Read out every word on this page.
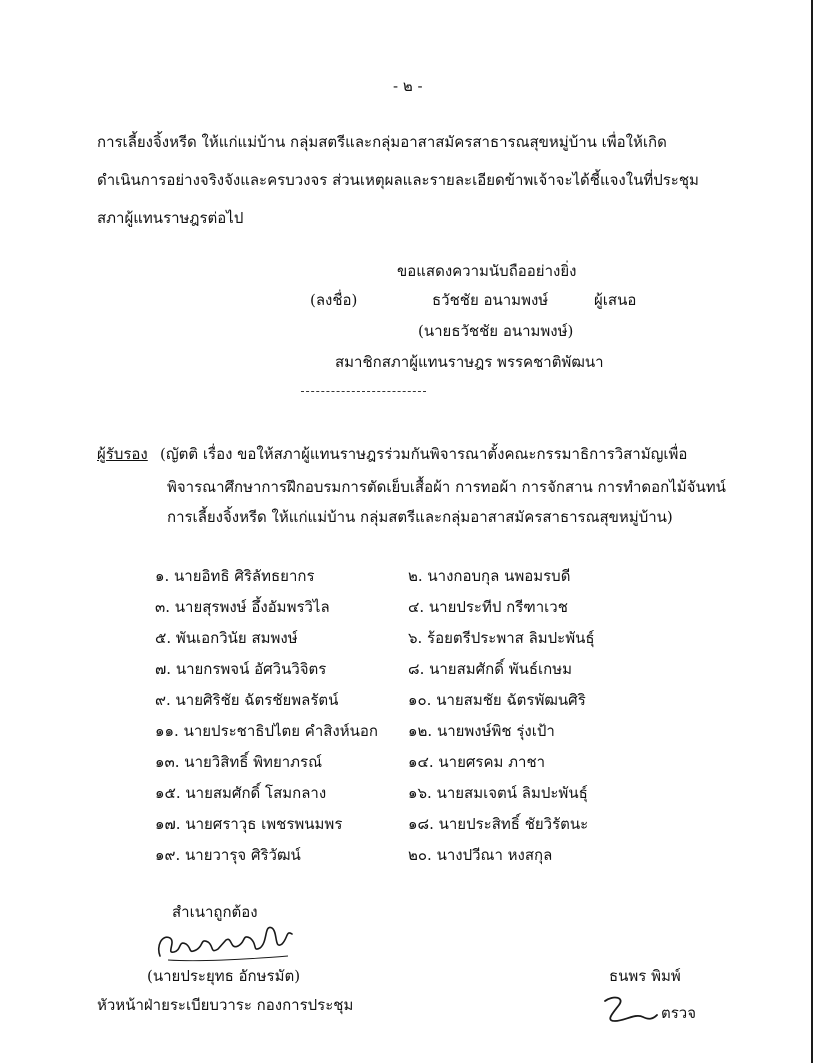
- ๒ -
การเลี้ยงจิ้งหรีด ให้แก่แม่บ้าน กลุ่มสตรีและกลุ่มอาสาสมัครสาธารณสุขหมู่บ้าน เพื่อให้เกิด
ดำเนินการอย่างจริงจังและครบวงจร ส่วนเหตุผลและรายละเอียดข้าพเจ้าจะได้ชี้แจงในที่ประชุม
สภาผู้แทนราษฎรต่อไป
ขอแสดงความนับถืออย่างยิ่ง
(ลงชื่อ)	ธวัชชัย อนามพงษ์	ผู้เสนอ
(นายธวัชชัย อนามพงษ์)
สมาชิกสภาผู้แทนราษฎร พรรคชาติพัฒนา
ผู้รับรอง (ญัตติ เรื่อง ขอให้สภาผู้แทนราษฎรร่วมกันพิจารณาตั้งคณะกรรมาธิการวิสามัญเพื่อ
พิจารณาศึกษาการฝึกอบรมการตัดเย็บเสื้อผ้า การทอผ้า การจักสาน การทำดอกไม้จันทน์
การเลี้ยงจิ้งหรีด ให้แก่แม่บ้าน กลุ่มสตรีและกลุ่มอาสาสมัครสาธารณสุขหมู่บ้าน)
๑. นายอิทธิ ศิริลัทธยากร
๓. นายสุรพงษ์ อึ้งอัมพรวิไล
๕. พันเอกวินัย สมพงษ์
๗. นายกรพจน์ อัศวินวิจิตร
๙. นายศิริชัย ฉัตรชัยพลรัตน์
๑๑. นายประชาธิปไตย คำสิงห์นอก
๑๓. นายวิสิทธิ์ พิทยาภรณ์
๑๕. นายสมศักดิ์ โสมกลาง
๑๗. นายศราวุธ เพชรพนมพร
๑๙. นายวารุจ ศิริวัฒน์
๒. นางกอบกุล นพอมรบดี
๔. นายประทีป กรีฑาเวช
๖. ร้อยตรีประพาส ลิมปะพันธุ์
๘. นายสมศักดิ์ พันธ์เกษม
๑๐. นายสมชัย ฉัตรพัฒนศิริ
๑๒. นายพงษ์พิช รุ่งเป้า
๑๔. นายศรคม ภาชา
๑๖. นายสมเจตน์ ลิมปะพันธุ์
๑๘. นายประสิทธิ์ ชัยวิรัตนะ
๒๐. นางปวีณา หงสกุล
สำเนาถูกต้อง
(นายประยุทธ อักษรมัต)
หัวหน้าฝ่ายระเบียบวาระ กองการประชุม
ธนพร พิมพ์
ตรวจ
